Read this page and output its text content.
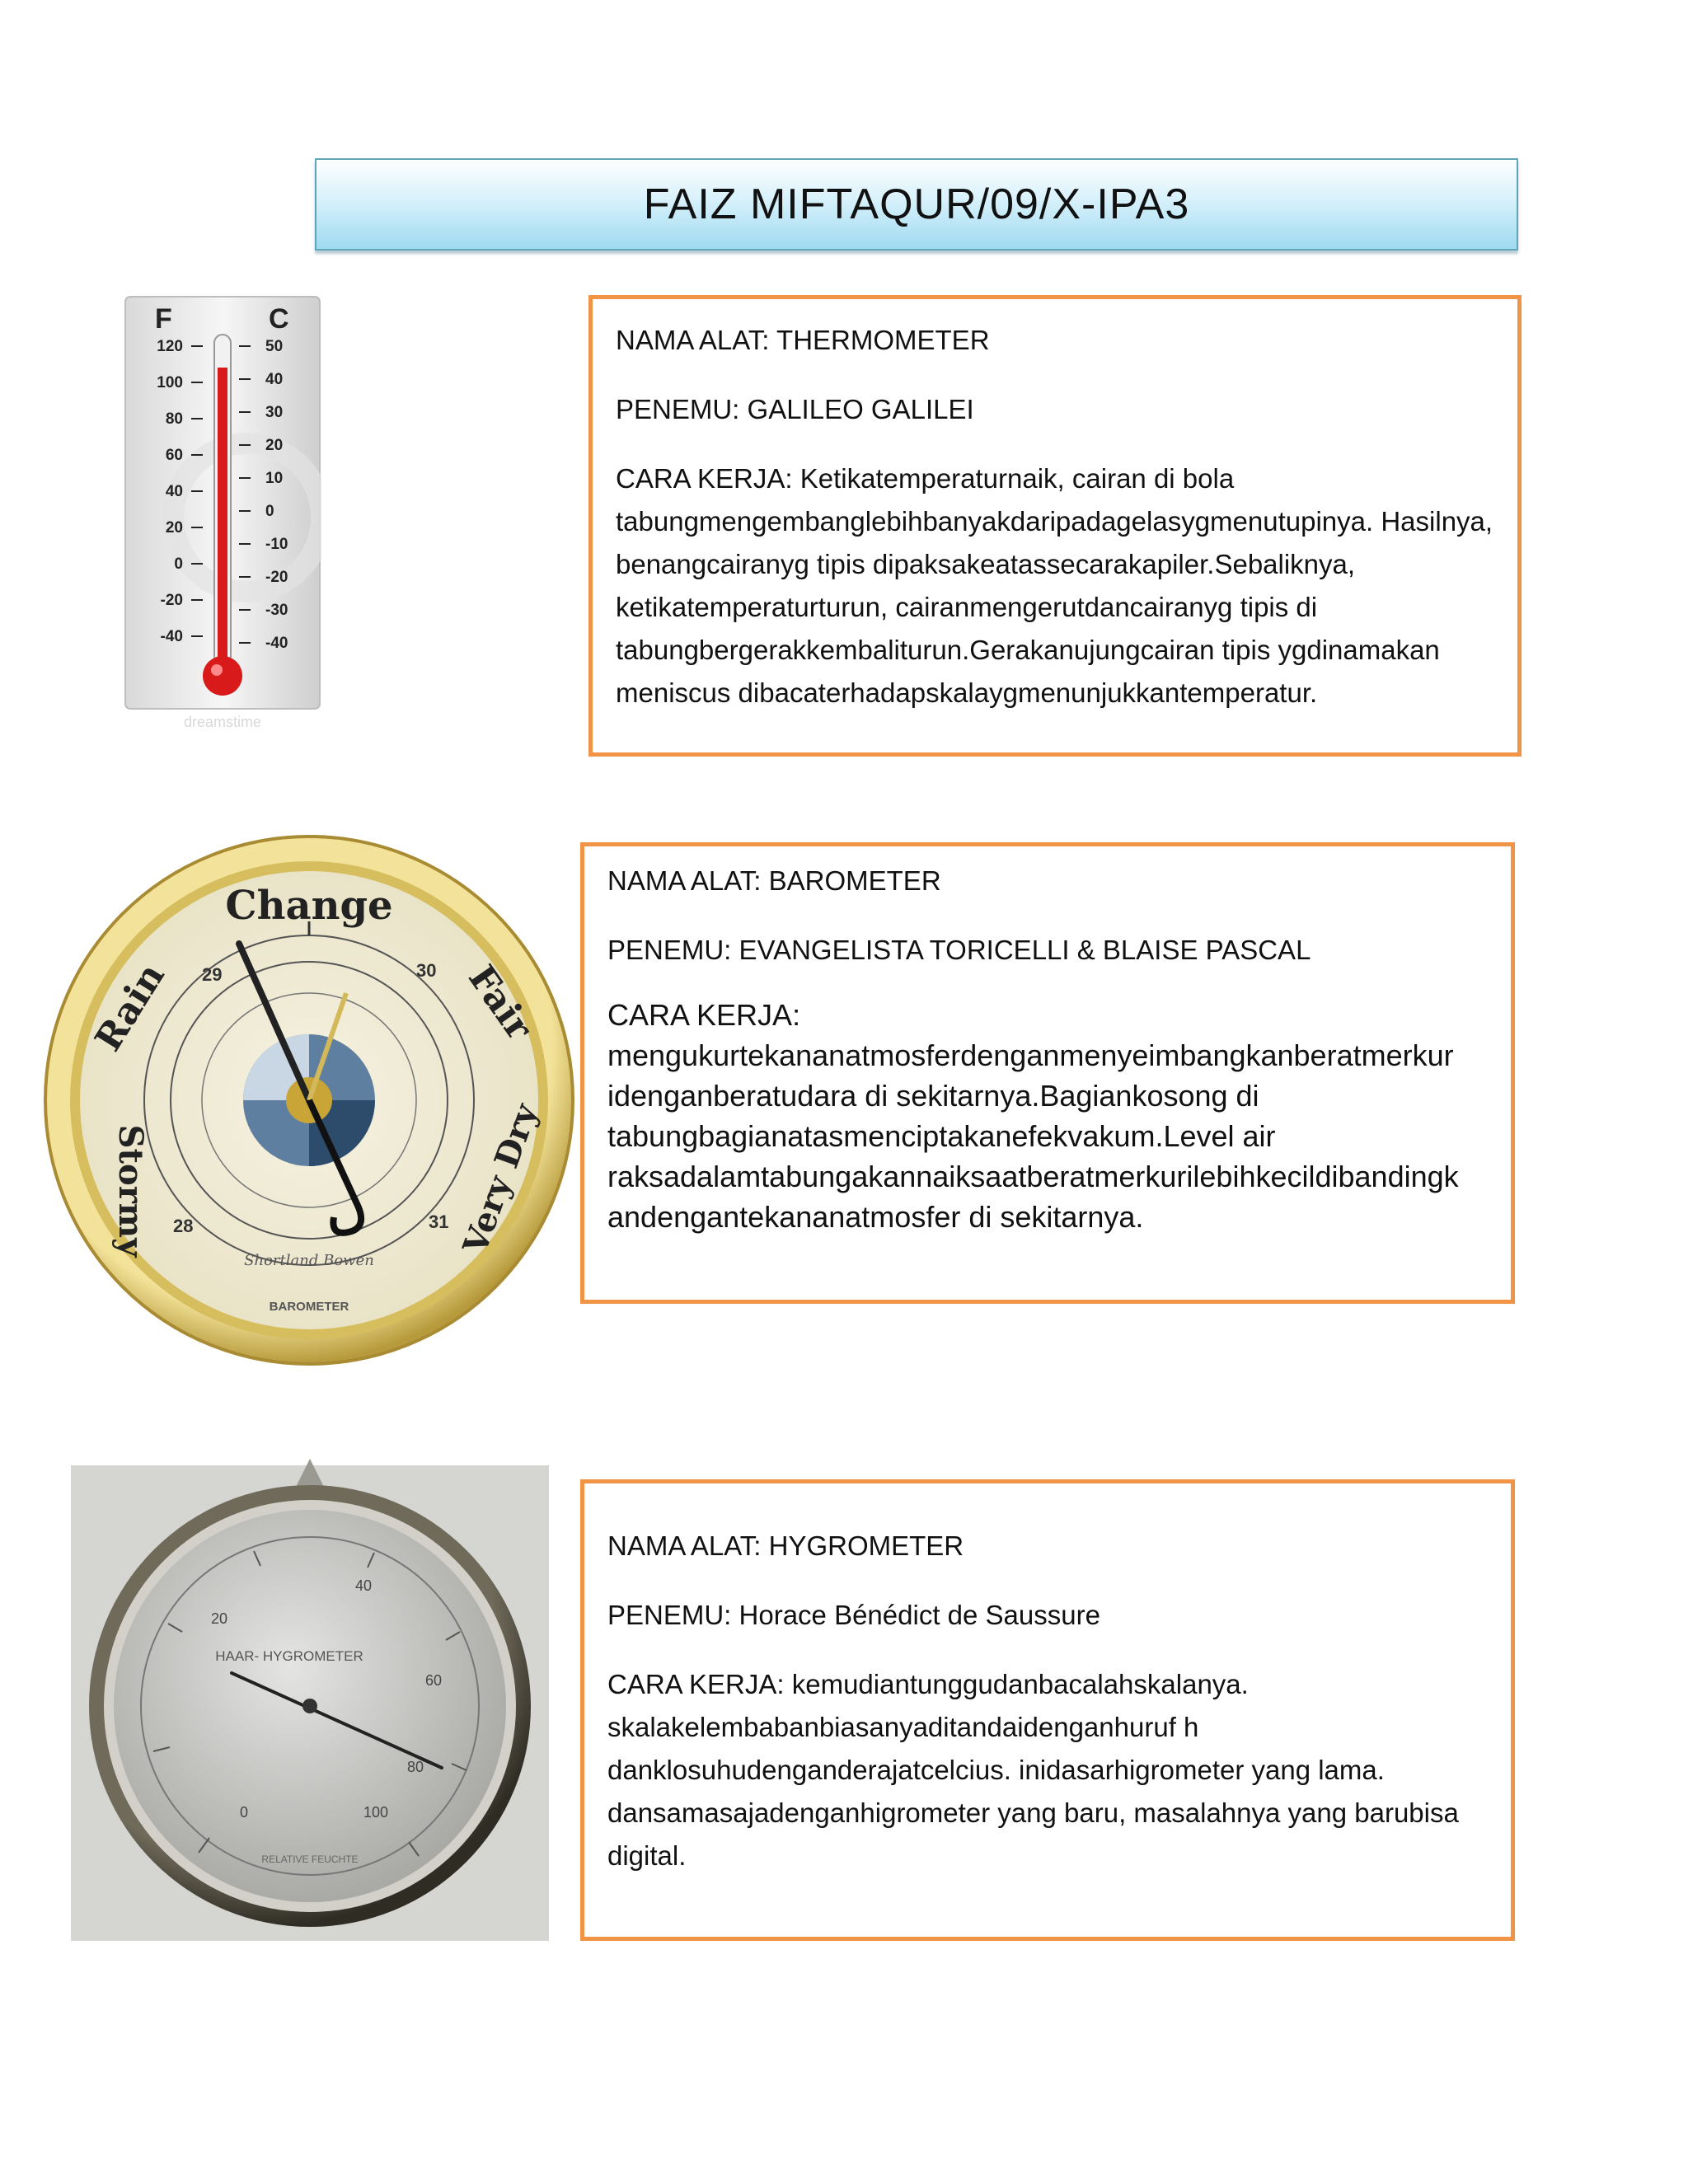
FAIZ MIFTAQUR/09/X-IPA3
F	C
120
100
80
60
40
20
0
-20
-40
50
40
30
20
10
0
-10
-20
-30
-40
dreamstime

NAMA ALAT: THERMOMETER

PENEMU: GALILEO GALILEI

CARA KERJA: Ketikatemperaturnaik, cairan di bola tabungmengembanglebihbanyakdaripadagelasygmenutupinya. Hasilnya, benangcairanyg tipis dipaksakeatassecarakapiler.Sebaliknya, ketikatemperaturturun, cairanmengerutdancairanyg tipis di tabungbergerakkembaliturun.Gerakanujungcairan tipis ygdinamakan meniscus dibacaterhadapskalaygmenunjukkantemperatur.

Change
Rain	Fair
Stormy	Very Dry
29	30
28	31
Shortland Bowen
BAROMETER

NAMA ALAT: BAROMETER

PENEMU: EVANGELISTA TORICELLI & BLAISE PASCAL

CARA KERJA:
mengukurtekananatmosferdenganmenyeimbangkanberatmerkur idenganberatudara di sekitarnya.Bagiankosong di tabungbagianatasmenciptakanefekvakum.Level air raksadalamtabungakannaiksaatberatmerkurilebihkecildibandingk andengantekananatmosfer di sekitarnya.

0
20
40
60
80
100
HAAR- HYGROMETER
RELATIVE FEUCHTE

NAMA ALAT: HYGROMETER

PENEMU: Horace Bénédict de Saussure

CARA KERJA: kemudiantunggudanbacalahskalanya. skalakelembabanbiasanyaditandaidenganhuruf h danklosuhudenganderajatcelcius. inidasarhigrometer yang lama. dansamasajadenganhigrometer yang baru, masalahnya yang barubisa digital.
